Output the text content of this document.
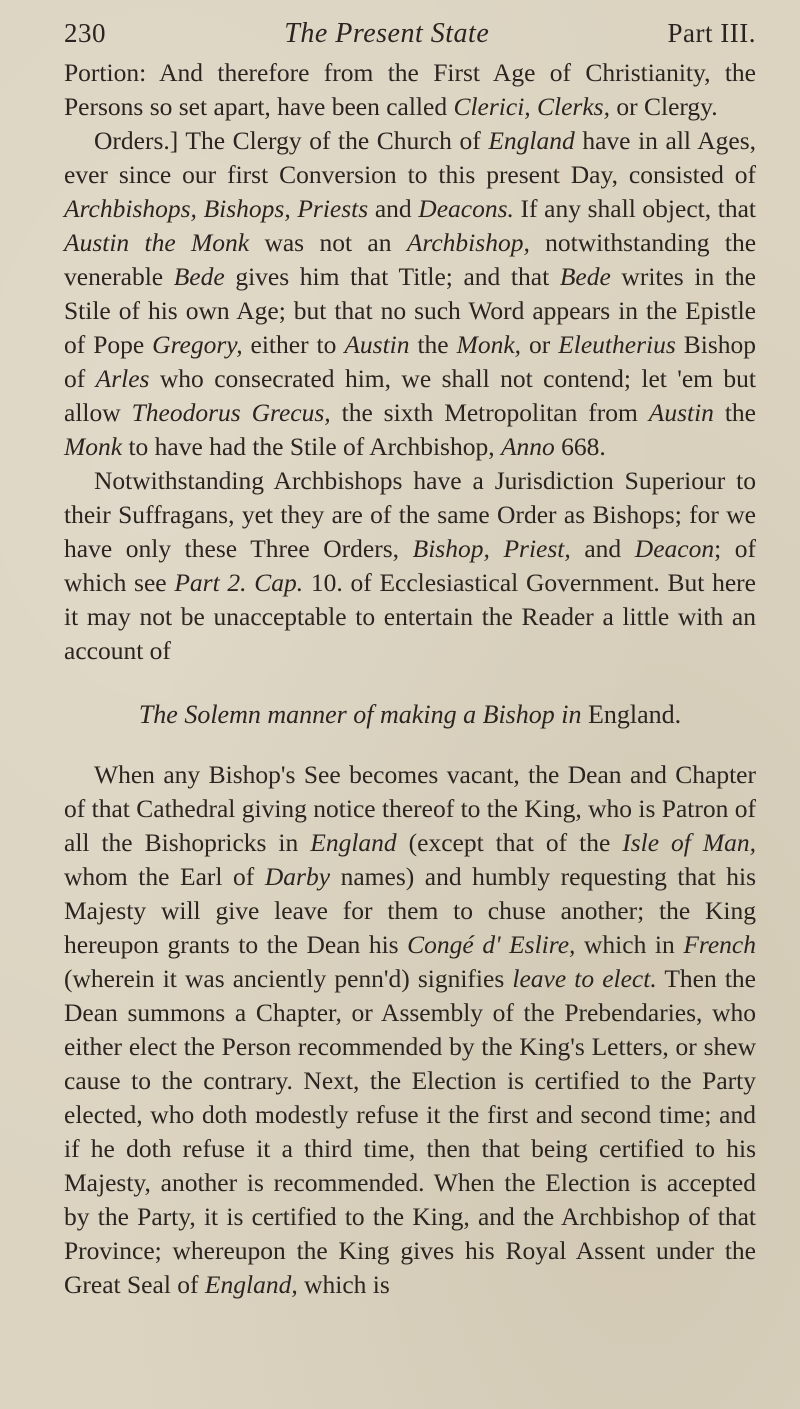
230	The Present State	Part III.

Portion: And therefore from the First Age of Christianity, the Persons so set apart, have been called Clerici, Clerks, or Clergy.

Orders.] The Clergy of the Church of England have in all Ages, ever since our first Conversion to this present Day, consisted of Archbishops, Bishops, Priests and Deacons. If any shall object, that Austin the Monk was not an Archbishop, notwithstanding the venerable Bede gives him that Title; and that Bede writes in the Stile of his own Age; but that no such Word appears in the Epistle of Pope Gregory, either to Austin the Monk, or Eleutherius Bishop of Arles who consecrated him, we shall not contend; let 'em but allow Theodorus Grecus, the sixth Metropolitan from Austin the Monk to have had the Stile of Archbishop, Anno 668.

Notwithstanding Archbishops have a Jurisdiction Superiour to their Suffragans, yet they are of the same Order as Bishops; for we have only these Three Orders, Bishop, Priest, and Deacon; of which see Part 2. Cap. 10. of Ecclesiastical Government. But here it may not be unacceptable to entertain the Reader a little with an account of

The Solemn manner of making a Bishop in England.

When any Bishop's See becomes vacant, the Dean and Chapter of that Cathedral giving notice thereof to the King, who is Patron of all the Bishopricks in England (except that of the Isle of Man, whom the Earl of Darby names) and humbly requesting that his Majesty will give leave for them to chuse another; the King hereupon grants to the Dean his Congé d' Eslire, which in French (wherein it was anciently penn'd) signifies leave to elect. Then the Dean summons a Chapter, or Assembly of the Prebendaries, who either elect the Person recommended by the King's Letters, or shew cause to the contrary. Next, the Election is certified to the Party elected, who doth modestly refuse it the first and second time; and if he doth refuse it a third time, then that being certified to his Majesty, another is recommended. When the Election is accepted by the Party, it is certified to the King, and the Archbishop of that Province; whereupon the King gives his Royal Assent under the Great Seal of England, which is
